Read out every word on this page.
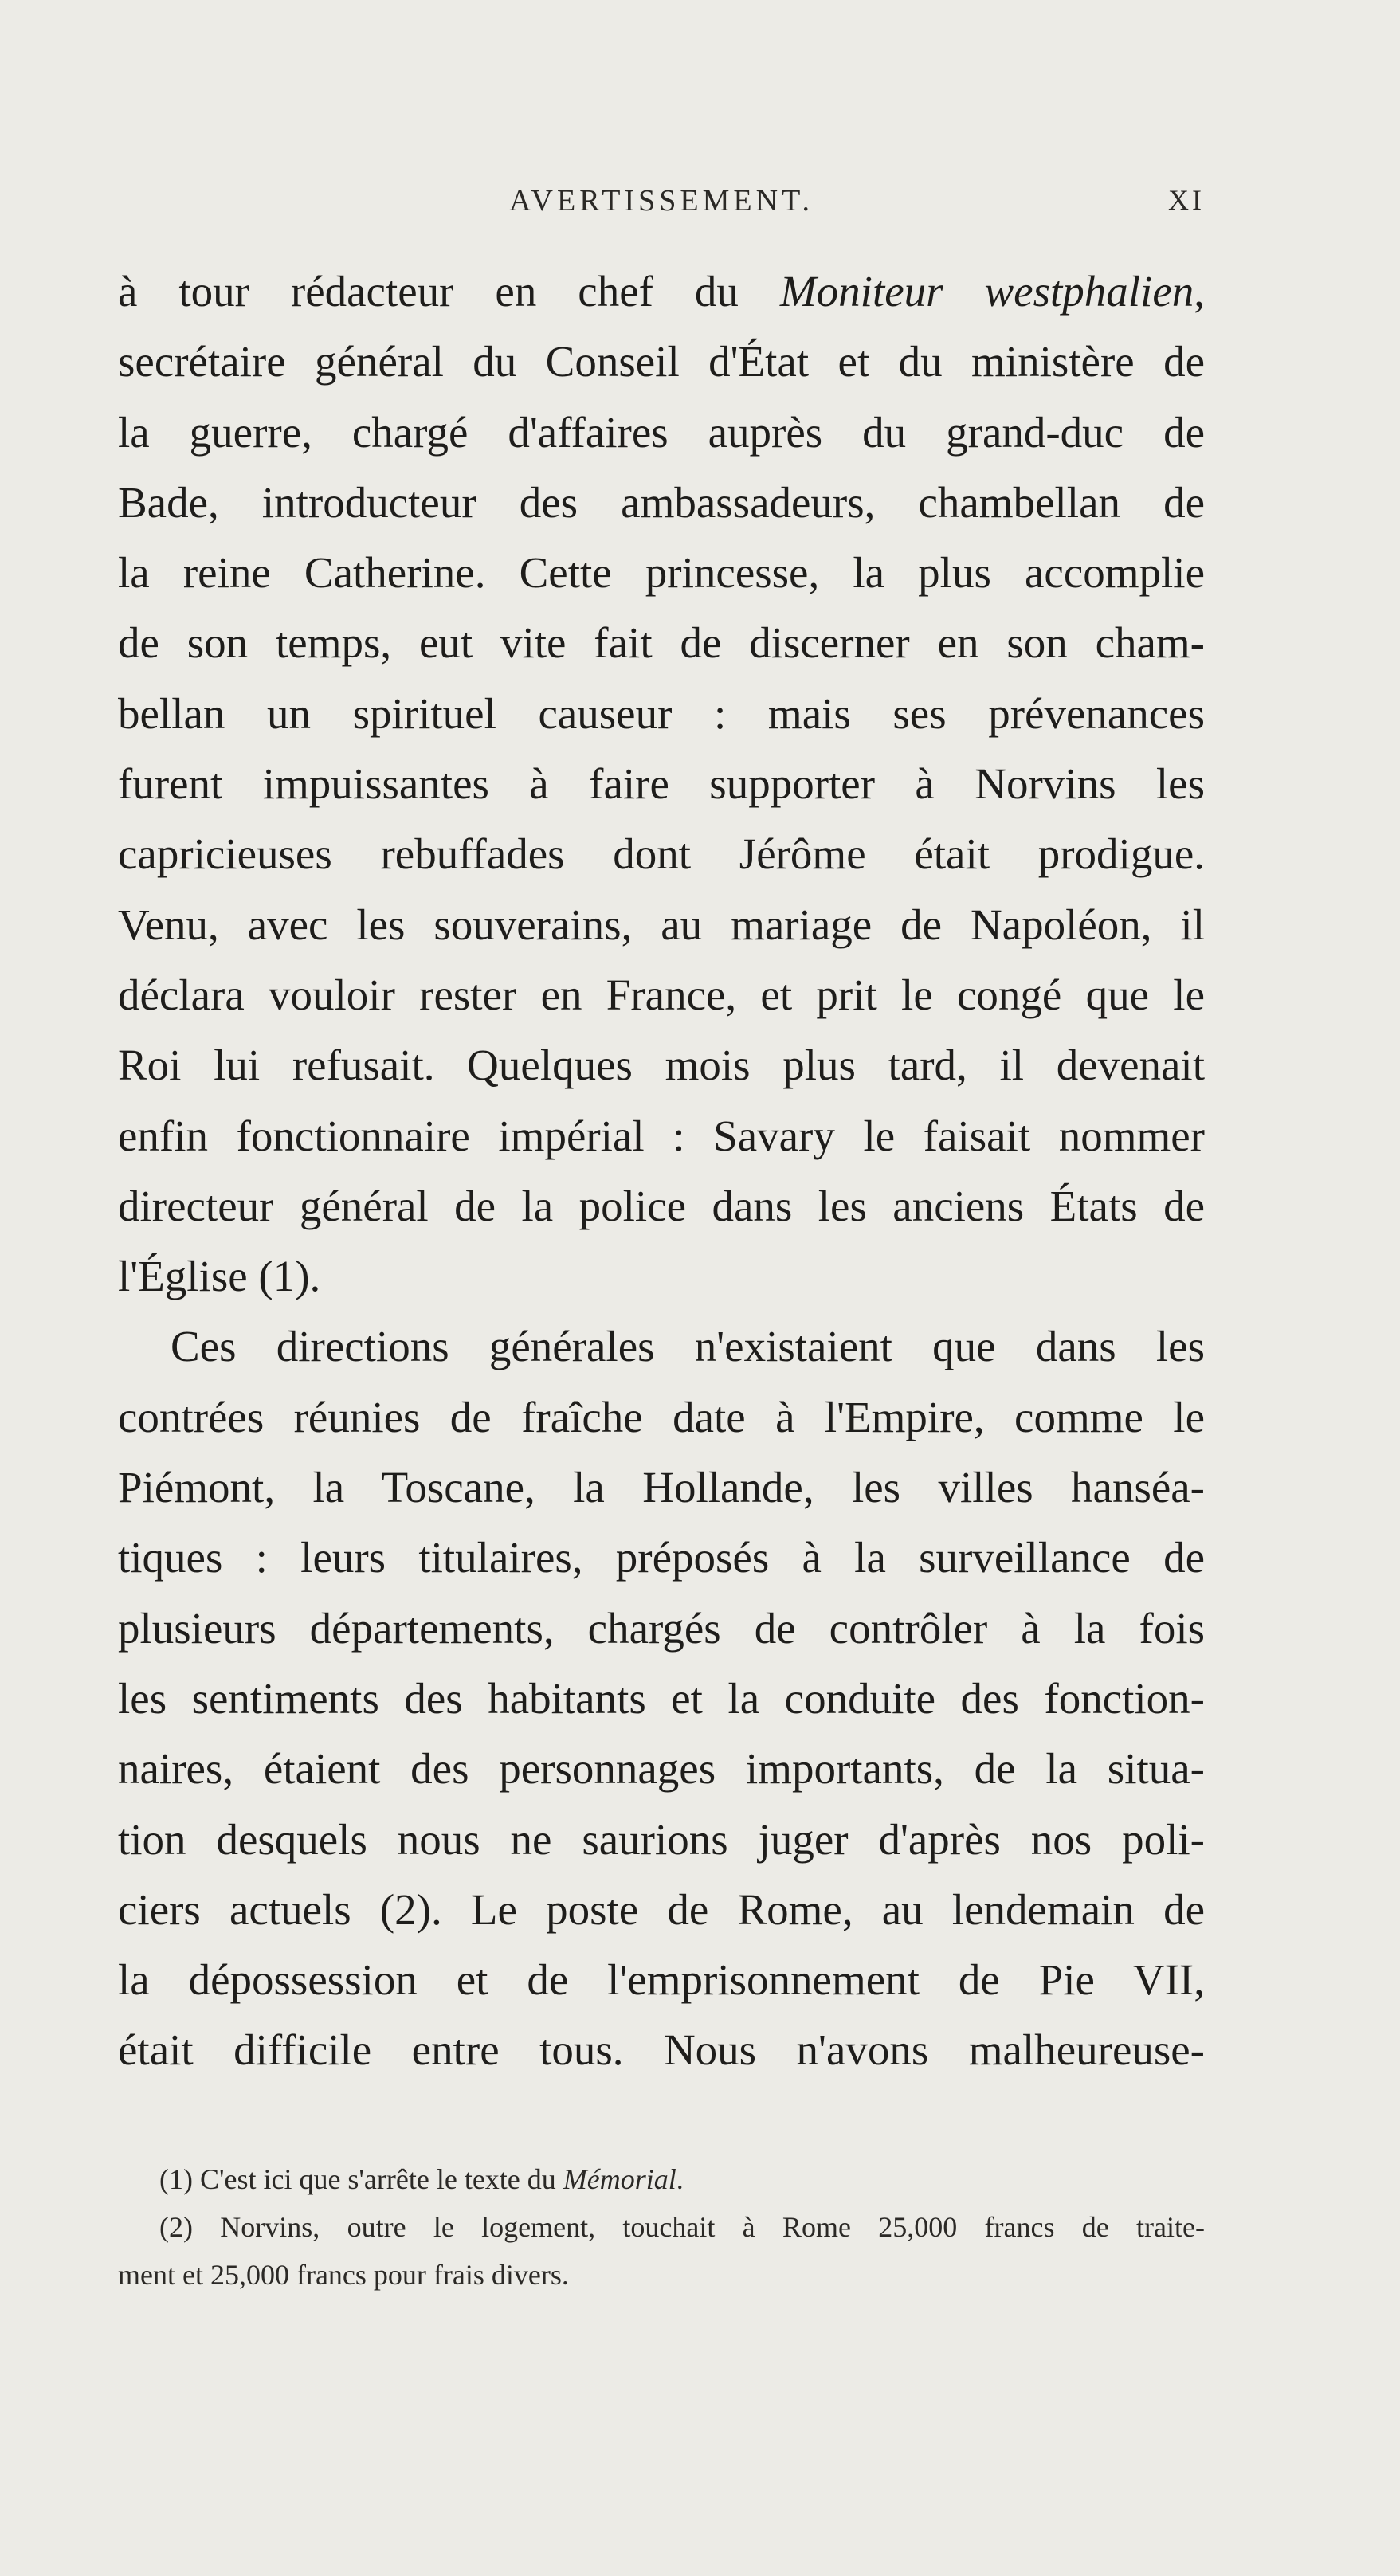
AVERTISSEMENT.	XI
à tour rédacteur en chef du Moniteur westphalien,
secrétaire général du Conseil d'État et du ministère de
la guerre, chargé d'affaires auprès du grand-duc de
Bade, introducteur des ambassadeurs, chambellan de
la reine Catherine. Cette princesse, la plus accomplie
de son temps, eut vite fait de discerner en son cham-
bellan un spirituel causeur : mais ses prévenances
furent impuissantes à faire supporter à Norvins les
capricieuses rebuffades dont Jérôme était prodigue.
Venu, avec les souverains, au mariage de Napoléon, il
déclara vouloir rester en France, et prit le congé que le
Roi lui refusait. Quelques mois plus tard, il devenait
enfin fonctionnaire impérial : Savary le faisait nommer
directeur général de la police dans les anciens États de
l'Église (1).
Ces directions générales n'existaient que dans les
contrées réunies de fraîche date à l'Empire, comme le
Piémont, la Toscane, la Hollande, les villes hanséa-
tiques : leurs titulaires, préposés à la surveillance de
plusieurs départements, chargés de contrôler à la fois
les sentiments des habitants et la conduite des fonction-
naires, étaient des personnages importants, de la situa-
tion desquels nous ne saurions juger d'après nos poli-
ciers actuels (2). Le poste de Rome, au lendemain de
la dépossession et de l'emprisonnement de Pie VII,
était difficile entre tous. Nous n'avons malheureuse-
(1) C'est ici que s'arrête le texte du Mémorial.
(2) Norvins, outre le logement, touchait à Rome 25,000 francs de traite-
ment et 25,000 francs pour frais divers.
